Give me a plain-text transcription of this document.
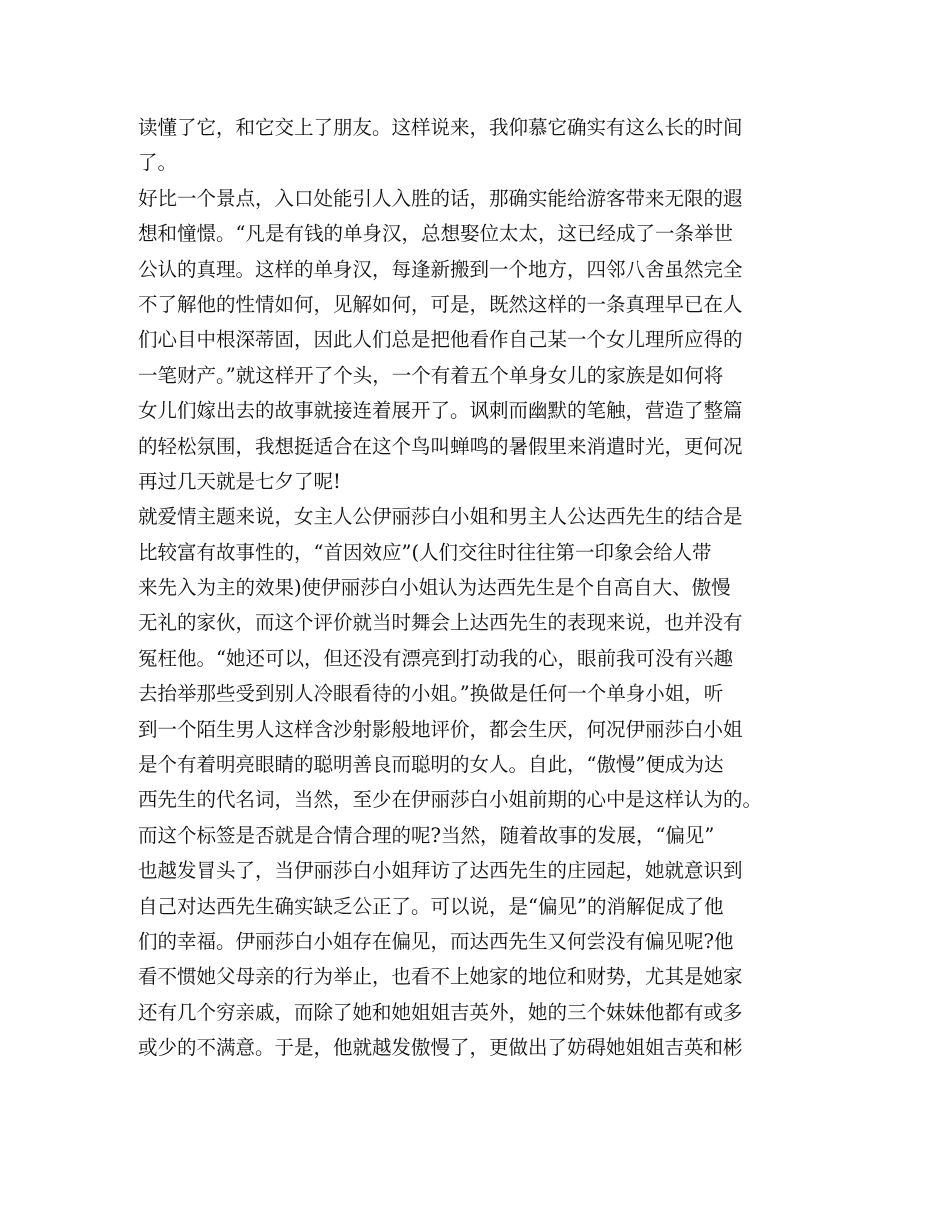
读懂了它，和它交上了朋友。这样说来，我仰慕它确实有这么长的时间
了。
好比一个景点，入口处能引人入胜的话，那确实能给游客带来无限的遐
想和憧憬。“凡是有钱的单身汉，总想娶位太太，这已经成了一条举世
公认的真理。这样的单身汉，每逢新搬到一个地方，四邻八舍虽然完全
不了解他的性情如何，见解如何，可是，既然这样的一条真理早已在人
们心目中根深蒂固，因此人们总是把他看作自己某一个女儿理所应得的
一笔财产。”就这样开了个头，一个有着五个单身女儿的家族是如何将
女儿们嫁出去的故事就接连着展开了。讽刺而幽默的笔触，营造了整篇
的轻松氛围，我想挺适合在这个鸟叫蝉鸣的暑假里来消遣时光，更何况
再过几天就是七夕了呢!
就爱情主题来说，女主人公伊丽莎白小姐和男主人公达西先生的结合是
比较富有故事性的，“首因效应”(人们交往时往往第一印象会给人带
来先入为主的效果)使伊丽莎白小姐认为达西先生是个自高自大、傲慢
无礼的家伙，而这个评价就当时舞会上达西先生的表现来说，也并没有
冤枉他。“她还可以，但还没有漂亮到打动我的心，眼前我可没有兴趣
去抬举那些受到别人冷眼看待的小姐。”换做是任何一个单身小姐，听
到一个陌生男人这样含沙射影般地评价，都会生厌，何况伊丽莎白小姐
是个有着明亮眼睛的聪明善良而聪明的女人。自此，“傲慢”便成为达
西先生的代名词，当然，至少在伊丽莎白小姐前期的心中是这样认为的。
而这个标签是否就是合情合理的呢?当然，随着故事的发展，“偏见”
也越发冒头了，当伊丽莎白小姐拜访了达西先生的庄园起，她就意识到
自己对达西先生确实缺乏公正了。可以说，是“偏见”的消解促成了他
们的幸福。伊丽莎白小姐存在偏见，而达西先生又何尝没有偏见呢?他
看不惯她父母亲的行为举止，也看不上她家的地位和财势，尤其是她家
还有几个穷亲戚，而除了她和她姐姐吉英外，她的三个妹妹他都有或多
或少的不满意。于是，他就越发傲慢了，更做出了妨碍她姐姐吉英和彬
